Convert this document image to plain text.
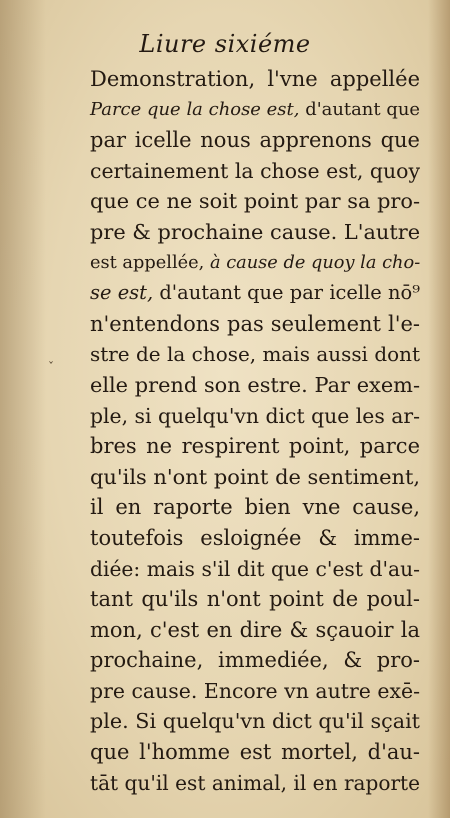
Liure sixiéme
ˇ
Demonstration, l'vne appellée
Parce que la chose est, d'autant que
par icelle nous apprenons que
certainement la chose est, quoy
que ce ne soit point par sa pro-
pre & prochaine cause. L'autre
est appellée, à cause de quoy la cho-
se est, d'autant que par icelle nō⁹
n'entendons pas seulement l'e-
stre de la chose, mais aussi dont
elle prend son estre. Par exem-
ple, si quelqu'vn dict que les ar-
bres ne respirent point, parce
qu'ils n'ont point de sentiment,
il en raporte bien vne cause,
toutefois esloignée & imme-
diée: mais s'il dit que c'est d'au-
tant qu'ils n'ont point de poul-
mon, c'est en dire & sçauoir la
prochaine, immediée, & pro-
pre cause. Encore vn autre exē-
ple. Si quelqu'vn dict qu'il sçait
que l'homme est mortel, d'au-
tāt qu'il est animal, il en raporte
